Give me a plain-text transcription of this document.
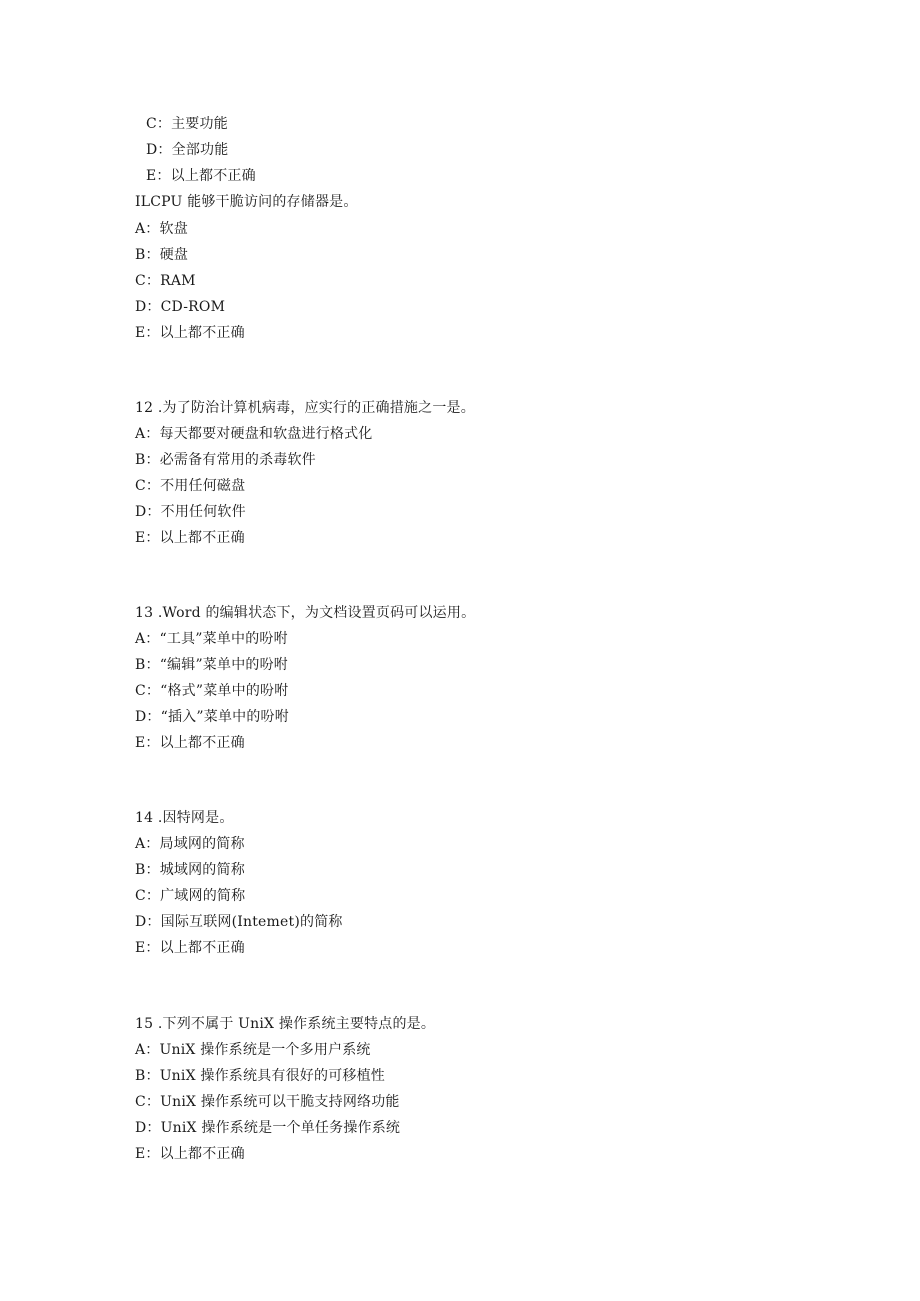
C：主要功能
D：全部功能
E：以上都不正确
ILCPU 能够干脆访问的存储器是。
A：软盘
B：硬盘
C：RAM
D：CD-ROM
E：以上都不正确
12 .为了防治计算机病毒，应实行的正确措施之一是。
A：每天都要对硬盘和软盘进行格式化
B：必需备有常用的杀毒软件
C：不用任何磁盘
D：不用任何软件
E：以上都不正确
13 .Word 的编辑状态下，为文档设置页码可以运用。
A：“工具”菜单中的吩咐
B：“编辑”菜单中的吩咐
C：“格式”菜单中的吩咐
D：“插入”菜单中的吩咐
E：以上都不正确
14 .因特网是。
A：局域网的简称
B：城域网的简称
C：广域网的简称
D：国际互联网(Intemet)的简称
E：以上都不正确
15 .下列不属于 UniX 操作系统主要特点的是。
A：UniX 操作系统是一个多用户系统
B：UniX 操作系统具有很好的可移植性
C：UniX 操作系统可以干脆支持网络功能
D：UniX 操作系统是一个单任务操作系统
E：以上都不正确
